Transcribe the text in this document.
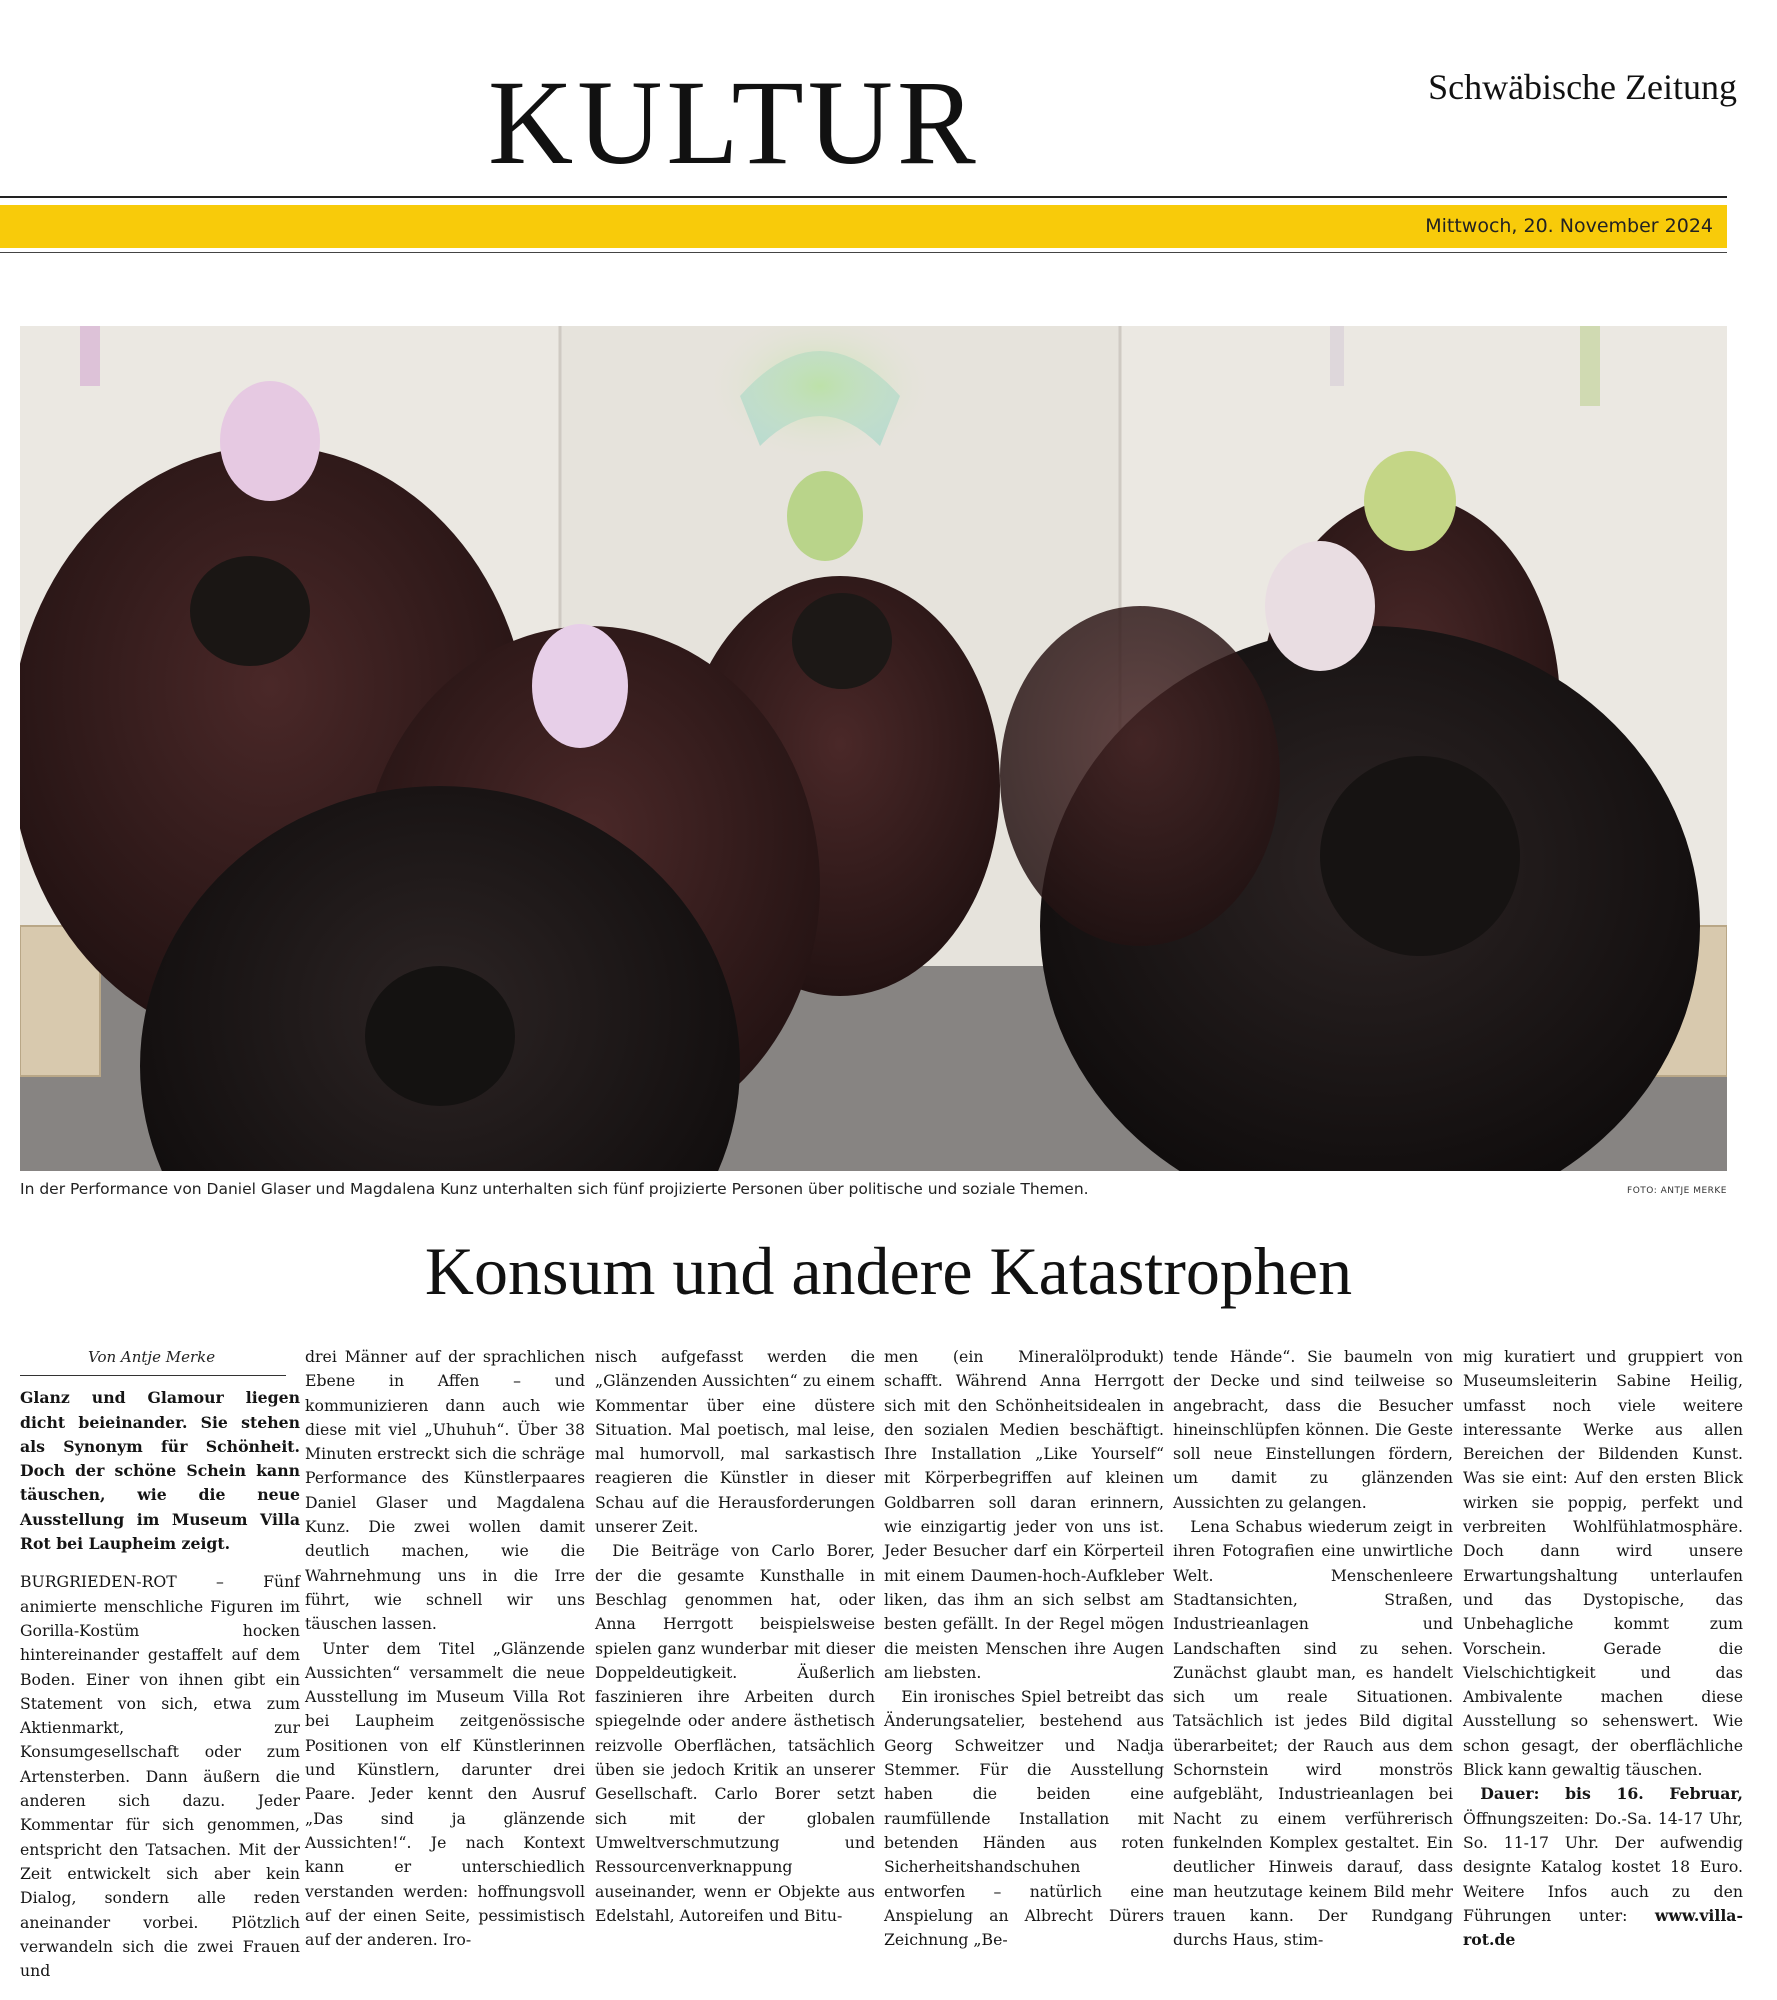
KULTUR	Schwäbische Zeitung
Mittwoch, 20. November 2024
In der Performance von Daniel Glaser und Magdalena Kunz unterhalten sich fünf projizierte Personen über politische und soziale Themen.	FOTO: ANTJE MERKE
Konsum und andere Katastrophen
Von Antje Merke

Glanz und Glamour liegen dicht beieinander. Sie stehen als Synonym für Schönheit. Doch der schöne Schein kann täuschen, wie die neue Ausstellung im Museum Villa Rot bei Laupheim zeigt.

BURGRIEDEN-ROT – Fünf animierte menschliche Figuren im Gorilla-Kostüm hocken hintereinander gestaffelt auf dem Boden. Einer von ihnen gibt ein Statement von sich, etwa zum Aktienmarkt, zur Konsumgesellschaft oder zum Artensterben. Dann äußern die anderen sich dazu. Jeder Kommentar für sich genommen, entspricht den Tatsachen. Mit der Zeit entwickelt sich aber kein Dialog, sondern alle reden aneinander vorbei. Plötzlich verwandeln sich die zwei Frauen und

drei Männer auf der sprachlichen Ebene in Affen – und kommunizieren dann auch wie diese mit viel „Uhuhuh“. Über 38 Minuten erstreckt sich die schräge Performance des Künstlerpaares Daniel Glaser und Magdalena Kunz. Die zwei wollen damit deutlich machen, wie die Wahrnehmung uns in die Irre führt, wie schnell wir uns täuschen lassen.

Unter dem Titel „Glänzende Aussichten“ versammelt die neue Ausstellung im Museum Villa Rot bei Laupheim zeitgenössische Positionen von elf Künstlerinnen und Künstlern, darunter drei Paare. Jeder kennt den Ausruf „Das sind ja glänzende Aussichten!“. Je nach Kontext kann er unterschiedlich verstanden werden: hoffnungsvoll auf der einen Seite, pessimistisch auf der anderen. Iro-

nisch aufgefasst werden die „Glänzenden Aussichten“ zu einem Kommentar über eine düstere Situation. Mal poetisch, mal leise, mal humorvoll, mal sarkastisch reagieren die Künstler in dieser Schau auf die Herausforderungen unserer Zeit.

Die Beiträge von Carlo Borer, der die gesamte Kunsthalle in Beschlag genommen hat, oder Anna Herrgott beispielsweise spielen ganz wunderbar mit dieser Doppeldeutigkeit. Äußerlich faszinieren ihre Arbeiten durch spiegelnde oder andere ästhetisch reizvolle Oberflächen, tatsächlich üben sie jedoch Kritik an unserer Gesellschaft. Carlo Borer setzt sich mit der globalen Umweltverschmutzung und Ressourcenverknappung auseinander, wenn er Objekte aus Edelstahl, Autoreifen und Bitu-

men (ein Mineralölprodukt) schafft. Während Anna Herrgott sich mit den Schönheitsidealen in den sozialen Medien beschäftigt. Ihre Installation „Like Yourself“ mit Körperbegriffen auf kleinen Goldbarren soll daran erinnern, wie einzigartig jeder von uns ist. Jeder Besucher darf ein Körperteil mit einem Daumen-hoch-Aufkleber liken, das ihm an sich selbst am besten gefällt. In der Regel mögen die meisten Menschen ihre Augen am liebsten.

Ein ironisches Spiel betreibt das Änderungsatelier, bestehend aus Georg Schweitzer und Nadja Stemmer. Für die Ausstellung haben die beiden eine raumfüllende Installation mit betenden Händen aus roten Sicherheitshandschuhen entworfen – natürlich eine Anspielung an Albrecht Dürers Zeichnung „Be-

tende Hände“. Sie baumeln von der Decke und sind teilweise so angebracht, dass die Besucher hineinschlüpfen können. Die Geste soll neue Einstellungen fördern, um damit zu glänzenden Aussichten zu gelangen.

Lena Schabus wiederum zeigt in ihren Fotografien eine unwirtliche Welt. Menschenleere Stadtansichten, Straßen, Industrieanlagen und Landschaften sind zu sehen. Zunächst glaubt man, es handelt sich um reale Situationen. Tatsächlich ist jedes Bild digital überarbeitet; der Rauch aus dem Schornstein wird monströs aufgebläht, Industrieanlagen bei Nacht zu einem verführerisch funkelnden Komplex gestaltet. Ein deutlicher Hinweis darauf, dass man heutzutage keinem Bild mehr trauen kann. Der Rundgang durchs Haus, stim-

mig kuratiert und gruppiert von Museumsleiterin Sabine Heilig, umfasst noch viele weitere interessante Werke aus allen Bereichen der Bildenden Kunst. Was sie eint: Auf den ersten Blick wirken sie poppig, perfekt und verbreiten Wohlfühlatmosphäre. Doch dann wird unsere Erwartungshaltung unterlaufen und das Dystopische, das Unbehagliche kommt zum Vorschein. Gerade die Vielschichtigkeit und das Ambivalente machen diese Ausstellung so sehenswert. Wie schon gesagt, der oberflächliche Blick kann gewaltig täuschen.

Dauer: bis 16. Februar, Öffnungszeiten: Do.-Sa. 14-17 Uhr, So. 11-17 Uhr. Der aufwendig designte Katalog kostet 18 Euro. Weitere Infos auch zu den Führungen unter: www.villa-rot.de
